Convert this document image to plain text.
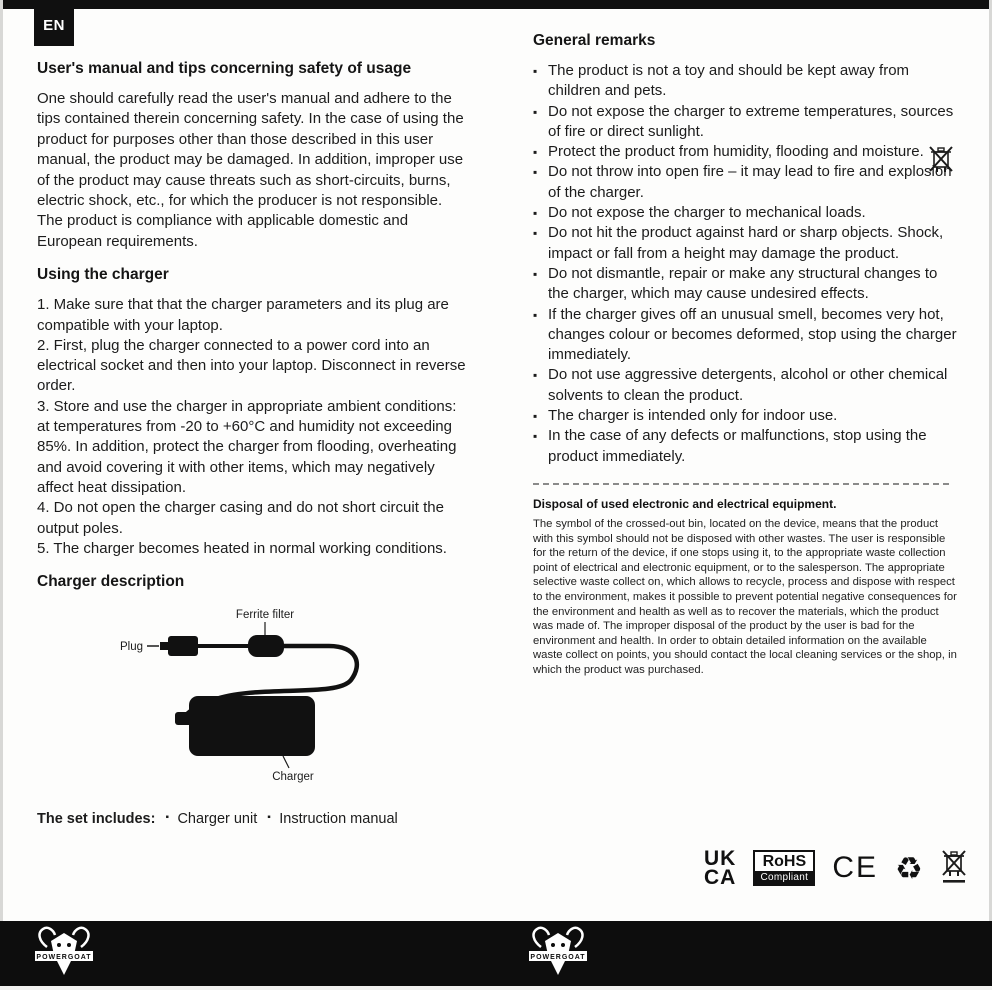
EN
User's manual and tips concerning safety of usage

One should carefully read the user's manual and adhere to the tips contained therein concerning safety. In the case of using the product for purposes other than those described in this user manual, the product may be damaged. In addition, improper use of the product may cause threats such as short-circuits, burns, electric shock, etc., for which the producer is not responsible. The product is compliance with applicable domestic and European requirements.

Using the charger

1. Make sure that that the charger parameters and its plug are compatible with your laptop.

2. First, plug the charger connected to a power cord into an electrical socket and then into your laptop. Disconnect in reverse order.

3. Store and use the charger in appropriate ambient conditions: at temperatures from -20 to +60°C and humidity not exceeding 85%. In addition, protect the charger from flooding, overheating and avoid covering it with other items, which may negatively affect heat dissipation.

4. Do not open the charger casing and do not short circuit the output poles.

5. The charger becomes heated in normal working conditions.

Charger description
Ferrite filter
Plug
Charger
The set includes:	▪ Charger unit	▪ Instruction manual
General remarks
▪ The product is not a toy and should be kept away from children and pets.
▪ Do not expose the charger to extreme temperatures, sources of fire or direct sunlight.
▪ Protect the product from humidity, flooding and moisture.
▪ Do not throw into open fire – it may lead to fire and explosion of the charger.
▪ Do not expose the charger to mechanical loads.
▪ Do not hit the product against hard or sharp objects. Shock, impact or fall from a height may damage the product.
▪ Do not dismantle, repair or make any structural changes to the charger, which may cause undesired effects.
▪ If the charger gives off an unusual smell, becomes very hot, changes colour or becomes deformed, stop using the charger immediately.
▪ Do not use aggressive detergents, alcohol or other chemical solvents to clean the product.
▪ The charger is intended only for indoor use.
▪ In the case of any defects or malfunctions, stop using the product immediately.
Disposal of used electronic and electrical equipment.

The symbol of the crossed-out bin, located on the device, means that the product with this symbol should not be disposed with other wastes. The user is responsible for the return of the device, if one stops using it, to the appropriate waste collection point of electrical and electronic equipment, or to the salesperson. The appropriate selective waste collect on, which allows to recycle, process and dispose with respect to the environment, makes it possible to prevent potential negative consequences for the environment and health as well as to recover the materials, which the product was made of. The improper disposal of the product by the user is bad for the environment and health. In order to obtain detailed information on the available waste collect on points, you should contact the local cleaning services or the shop, in which the product was purchased.

UK
CA
RoHS
Compliant CE ♻
POWERGOAT	POWERGOAT
